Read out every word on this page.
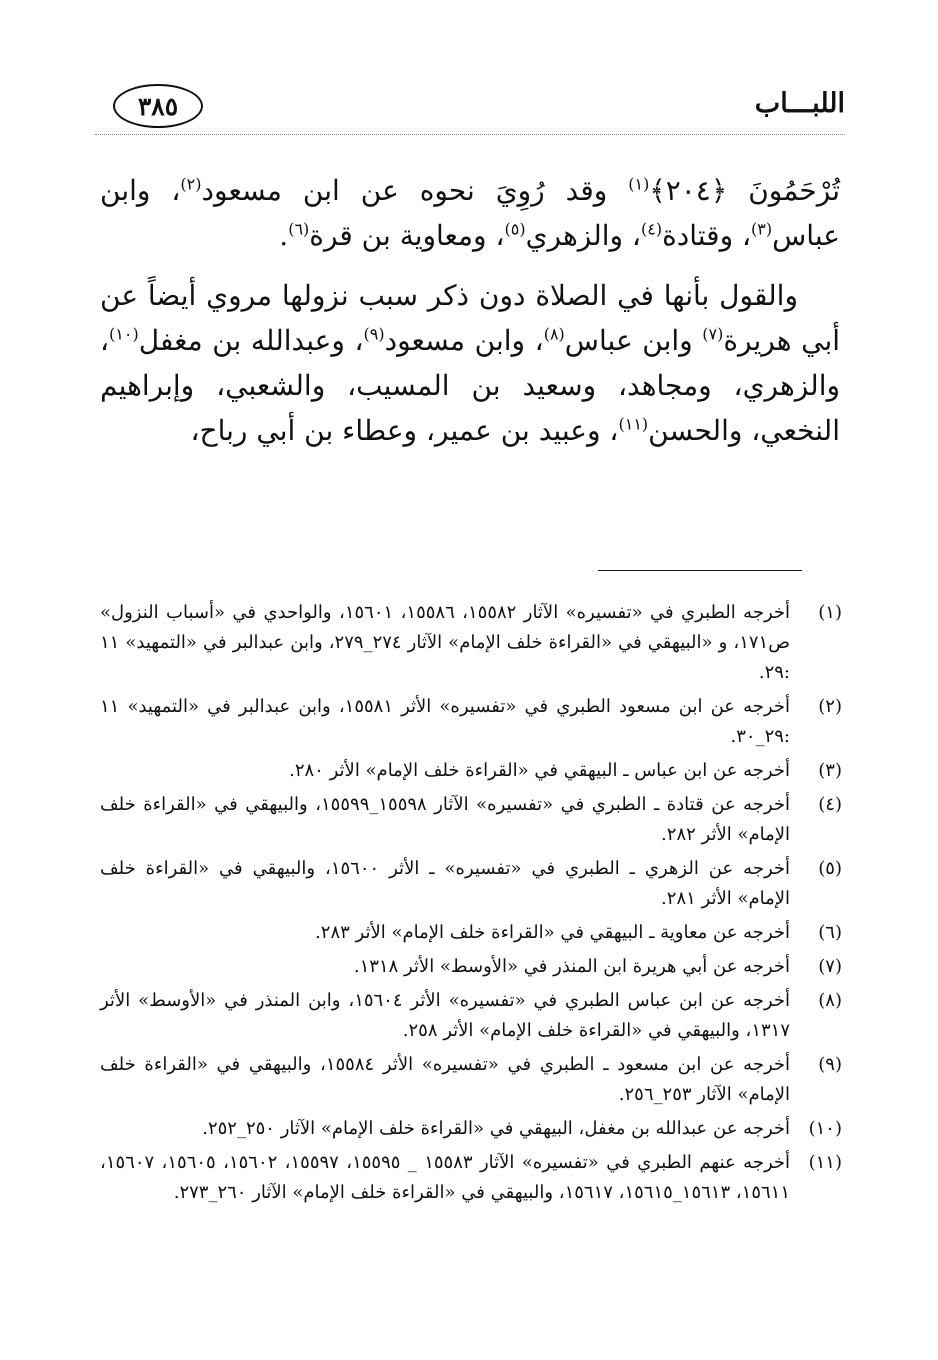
اللبـــاب
٣٨٥

تُرْحَمُونَ ﴿٢٠٤﴾$^{(١)}$ وقد رُوِيَ نحوه عن ابن مسعود$^{(٢)}$، وابن عباس$^{(٣)}$، وقتادة$^{(٤)}$، والزهري$^{(٥)}$، ومعاوية بن قرة$^{(٦)}$.

والقول بأنها في الصلاة دون ذكر سبب نزولها مروي أيضاً عن أبي هريرة$^{(٧)}$ وابن عباس$^{(٨)}$، وابن مسعود$^{(٩)}$، وعبدالله بن مغفل$^{(١٠)}$، والزهري، ومجاهد، وسعيد بن المسيب، والشعبي، وإبراهيم النخعي، والحسن$^{(١١)}$، وعبيد بن عمير، وعطاء بن أبي رباح،

(١)
أخرجه الطبري في «تفسيره» الآثار ١٥٥٨٢، ١٥٥٨٦، ١٥٦٠١، والواحدي في «أسباب النزول» ص١٧١، و «البيهقي في «القراءة خلف الإمام» الآثار ٢٧٤_٢٧٩، وابن عبدالبر في «التمهيد» ١١ :٢٩.
(٢)
أخرجه عن ابن مسعود الطبري في «تفسيره» الأثر ١٥٥٨١، وابن عبدالبر في «التمهيد» ١١ :٢٩_٣٠.
(٣)
أخرجه عن ابن عباس ـ البيهقي في «القراءة خلف الإمام» الأثر ٢٨٠.
(٤)
أخرجه عن قتادة ـ الطبري في «تفسيره» الآثار ١٥٥٩٨_١٥٥٩٩، والبيهقي في «القراءة خلف الإمام» الأثر ٢٨٢.
(٥)
أخرجه عن الزهري ـ الطبري في «تفسيره» ـ الأثر ١٥٦٠٠، والبيهقي في «القراءة خلف الإمام» الأثر ٢٨١.
(٦)
أخرجه عن معاوية ـ البيهقي في «القراءة خلف الإمام» الأثر ٢٨٣.
(٧)
أخرجه عن أبي هريرة ابن المنذر في «الأوسط» الأثر ١٣١٨.
(٨)
أخرجه عن ابن عباس الطبري في «تفسيره» الأثر ١٥٦٠٤، وابن المنذر في «الأوسط» الأثر ١٣١٧، والبيهقي في «القراءة خلف الإمام» الأثر ٢٥٨.
(٩)
أخرجه عن ابن مسعود ـ الطبري في «تفسيره» الأثر ١٥٥٨٤، والبيهقي في «القراءة خلف الإمام» الآثار ٢٥٣_٢٥٦.
(١٠)
أخرجه عن عبدالله بن مغفل، البيهقي في «القراءة خلف الإمام» الآثار ٢٥٠_٢٥٢.
(١١)
أخرجه عنهم الطبري في «تفسيره» الآثار ١٥٥٨٣ _ ١٥٥٩٥، ١٥٥٩٧، ١٥٦٠٢، ١٥٦٠٥، ١٥٦٠٧، ١٥٦١١، ١٥٦١٣_١٥٦١٥، ١٥٦١٧، والبيهقي في «القراءة خلف الإمام» الآثار ٢٦٠_٢٧٣.
